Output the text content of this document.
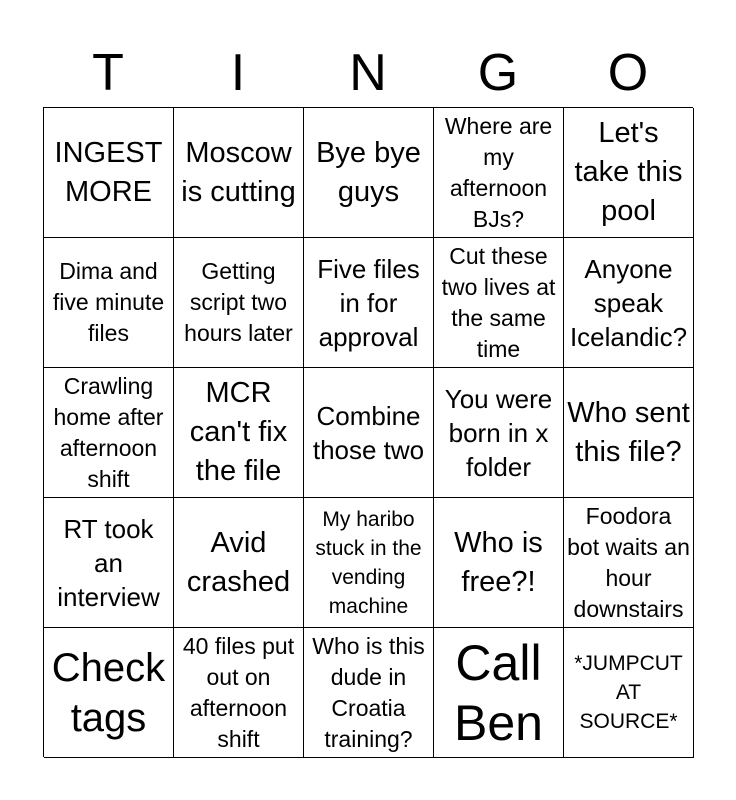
T	I	N	G	O
INGEST MORE
Moscow is cutting
Bye bye guys
Where are my afternoon BJs?
Let's take this pool
Dima and five minute files
Getting script two hours later
Five files in for approval
Cut these two lives at the same time
Anyone speak Icelandic?
Crawling home after afternoon shift
MCR can't fix the file
Combine those two
You were born in x folder
Who sent this file?
RT took an interview
Avid crashed
My haribo stuck in the vending machine
Who is free?!
Foodora bot waits an hour downstairs
Check tags
40 files put out on afternoon shift
Who is this dude in Croatia training?
Call Ben
*JUMPCUT AT SOURCE*
